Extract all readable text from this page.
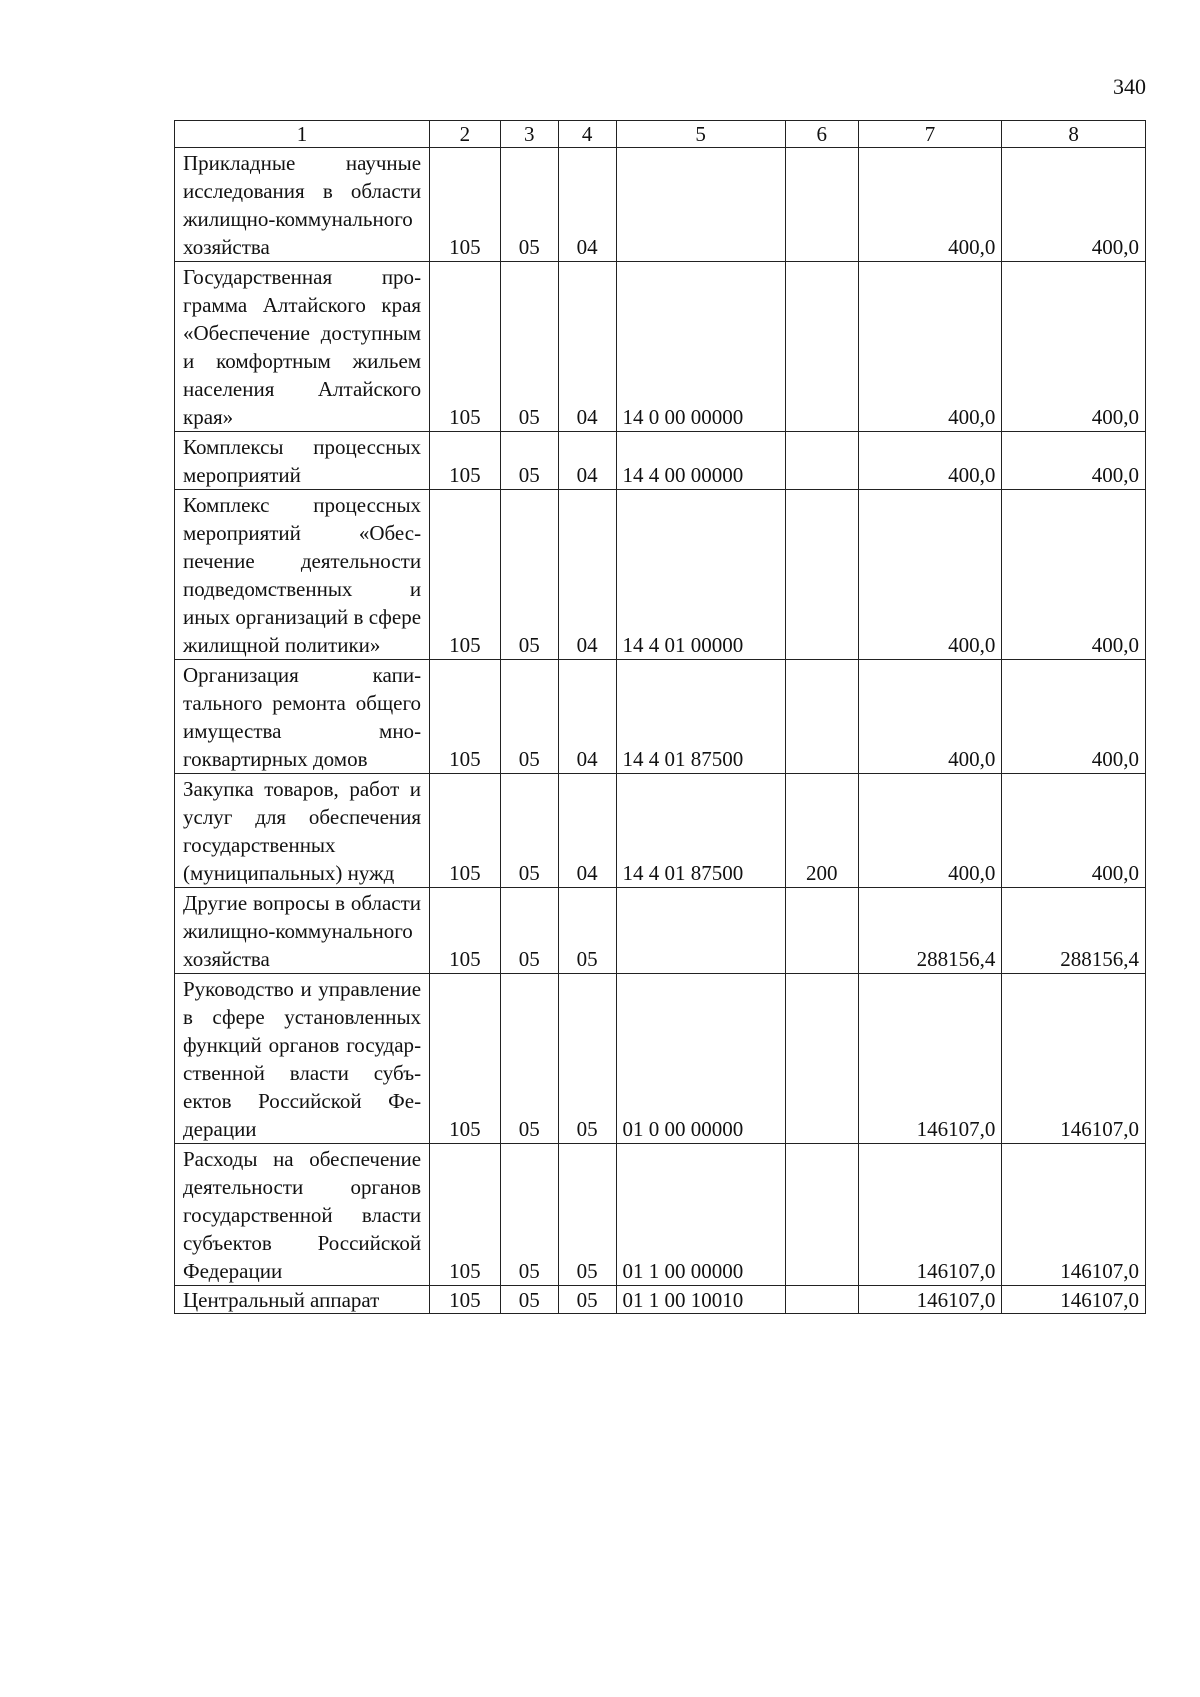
340
1	2	3	4	5	6	7	8
Прикладные научные исследования в области жилищно-коммунального хозяйства	105	05	04			400,0	400,0
Государственная программа Алтайского края «Обеспечение доступным и комфортным жильем населения Алтайского края»	105	05	04	14 0 00 00000		400,0	400,0
Комплексы процессных мероприятий	105	05	04	14 4 00 00000		400,0	400,0
Комплекс процессных мероприятий «Обеспечение деятельности подведомственных и иных организаций в сфере жилищной политики»	105	05	04	14 4 01 00000		400,0	400,0
Организация капитального ремонта общего имущества многоквартирных домов	105	05	04	14 4 01 87500		400,0	400,0
Закупка товаров, работ и услуг для обеспечения государственных (муниципальных) нужд	105	05	04	14 4 01 87500	200	400,0	400,0
Другие вопросы в области жилищно-коммунального хозяйства	105	05	05			288156,4	288156,4
Руководство и управление в сфере установленных функций органов государственной власти субъектов Российской Федерации	105	05	05	01 0 00 00000		146107,0	146107,0
Расходы на обеспечение деятельности органов государственной власти субъектов Российской Федерации	105	05	05	01 1 00 00000		146107,0	146107,0
Центральный аппарат	105	05	05	01 1 00 10010		146107,0	146107,0
